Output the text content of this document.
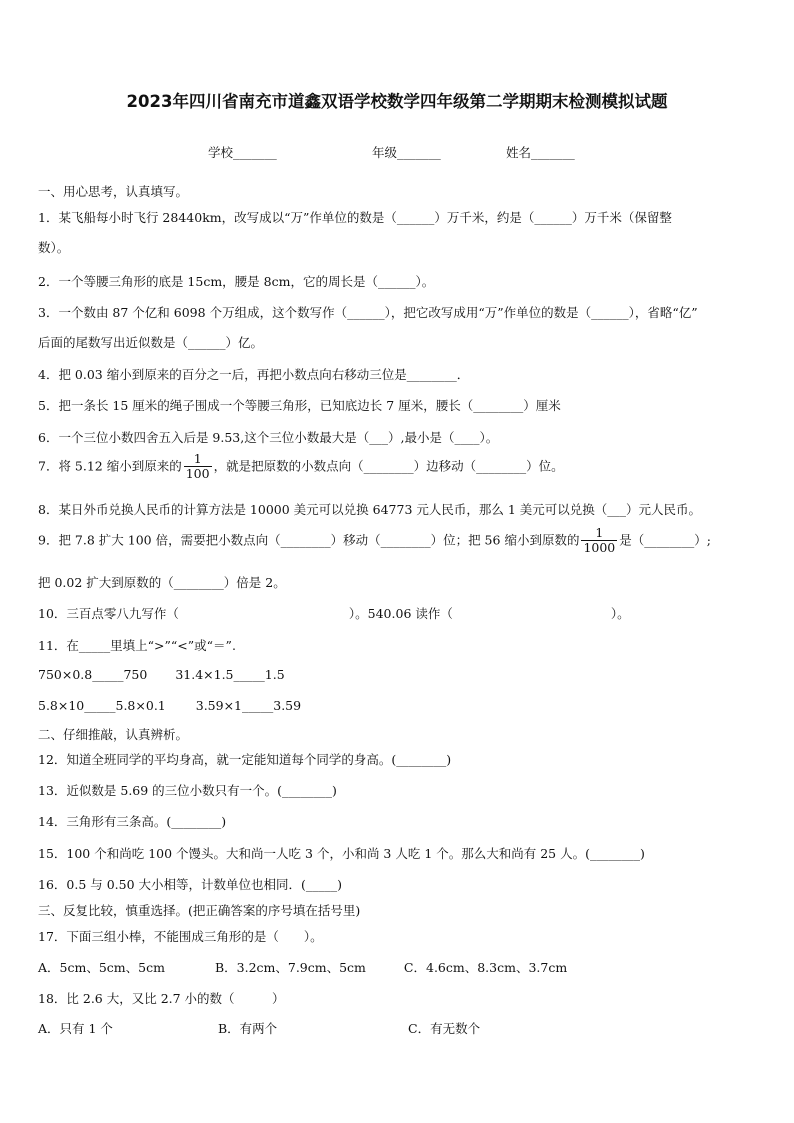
2023年四川省南充市道鑫双语学校数学四年级第二学期期末检测模拟试题
学校_______	年级_______	姓名_______
一、用心思考，认真填写。
1．某飞船每小时飞行 28440km，改写成以“万”作单位的数是（______）万千米，约是（______）万千米（保留整
数）。
2．一个等腰三角形的底是 15cm，腰是 8cm，它的周长是（______）。
3．一个数由 87 个亿和 6098 个万组成，这个数写作（______），把它改写成用“万”作单位的数是（______），省略“亿”
后面的尾数写出近似数是（______）亿。
4．把 0.03 缩小到原来的百分之一后，再把小数点向右移动三位是________．
5．把一条长 15 厘米的绳子围成一个等腰三角形，已知底边长 7 厘米，腰长（________）厘米
6．一个三位小数四舍五入后是 9.53,这个三位小数最大是（___）,最小是（____）。
7．将 5.12 缩小到原来的 $\frac{1}{100}$ ，就是把原数的小数点向（________）边移动（________）位。
8．某日外币兑换人民币的计算方法是 10000 美元可以兑换 64773 元人民币，那么 1 美元可以兑换（___）元人民币。
9．把 7.8 扩大 100 倍，需要把小数点向（________）移动（________）位；把 56 缩小到原数的 $\frac{1}{1000}$ 是（________）;
把 0.02 扩大到原数的（________）倍是 2。
10．三百点零八九写作（	）。540.06 读作（	）。
11．在_____里填上“>”“<”或“＝”.
750×0.8_____750 31.4×1.5_____1.5
5.8×10_____5.8×0.1 3.59×1_____3.59
二、仔细推敲，认真辨析。
12．知道全班同学的平均身高，就一定能知道每个同学的身高。(________)
13．近似数是 5.69 的三位小数只有一个。(________)
14．三角形有三条高。(________)
15．100 个和尚吃 100 个馒头。大和尚一人吃 3 个，小和尚 3 人吃 1 个。那么大和尚有 25 人。(________)
16．0.5 与 0.50 大小相等，计数单位也相同．(_____)
三、反复比较，慎重选择。(把正确答案的序号填在括号里)
17．下面三组小棒，不能围成三角形的是（　　）。
A．5cm、5cm、5cm	B．3.2cm、7.9cm、5cm	C．4.6cm、8.3cm、3.7cm
18．比 2.6 大，又比 2.7 小的数（　　　）
A．只有 1 个	B．有两个	C．有无数个
